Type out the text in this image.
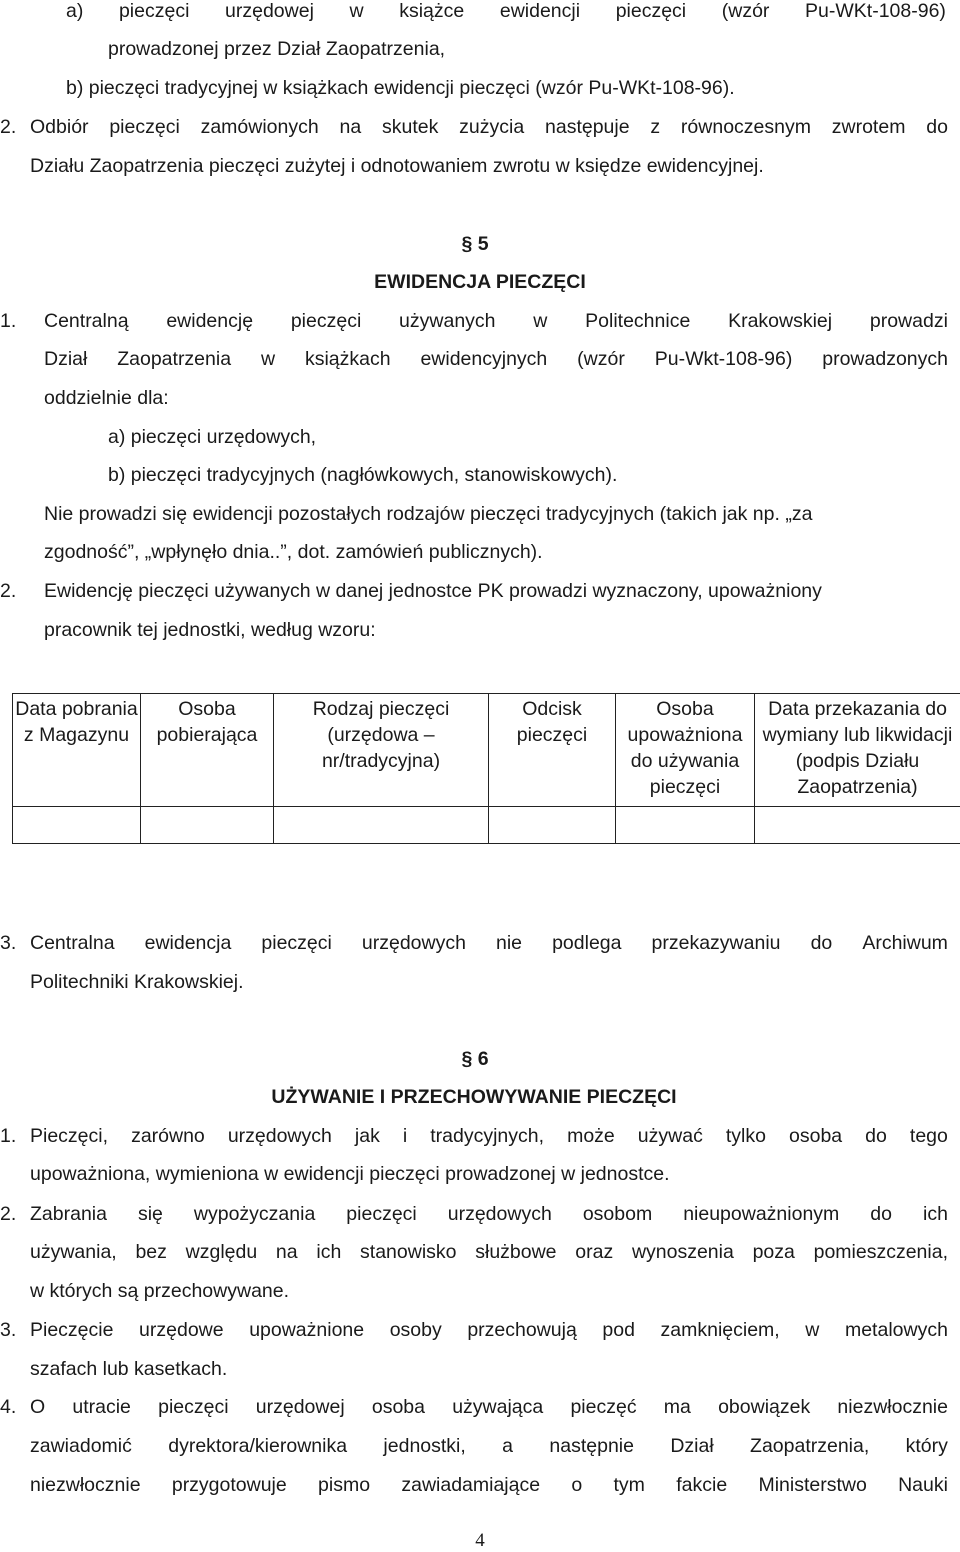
a) pieczęci urzędowej w książce ewidencji pieczęci (wzór Pu-WKt-108-96)
prowadzonej przez Dział Zaopatrzenia,
b) pieczęci tradycyjnej w książkach ewidencji pieczęci (wzór Pu-WKt-108-96).
2. Odbiór pieczęci zamówionych na skutek zużycia następuje z równoczesnym zwrotem do
Działu Zaopatrzenia pieczęci zużytej i odnotowaniem zwrotu w księdze ewidencyjnej.
§ 5
EWIDENCJA PIECZĘCI
1. Centralną ewidencję pieczęci używanych w Politechnice Krakowskiej prowadzi
Dział Zaopatrzenia w książkach ewidencyjnych (wzór Pu-Wkt-108-96) prowadzonych
oddzielnie dla:
a) pieczęci urzędowych,
b) pieczęci tradycyjnych (nagłówkowych, stanowiskowych).
Nie prowadzi się ewidencji pozostałych rodzajów pieczęci tradycyjnych (takich jak np. „za
zgodność”, „wpłynęło dnia..”, dot. zamówień publicznych).
2. Ewidencję pieczęci używanych w danej jednostce PK prowadzi wyznaczony, upoważniony
pracownik tej jednostki, według wzoru:
Data pobrania z Magazynu	Osoba pobierająca	Rodzaj pieczęci (urzędowa – nr/tradycyjna)	Odcisk pieczęci	Osoba upoważniona do używania pieczęci	Data przekazania do wymiany lub likwidacji (podpis Działu Zaopatrzenia)

3. Centralna ewidencja pieczęci urzędowych nie podlega przekazywaniu do Archiwum
Politechniki Krakowskiej.
§ 6
UŻYWANIE I PRZECHOWYWANIE PIECZĘCI
1. Pieczęci, zarówno urzędowych jak i tradycyjnych, może używać tylko osoba do tego
upoważniona, wymieniona w ewidencji pieczęci prowadzonej w jednostce.
2. Zabrania się wypożyczania pieczęci urzędowych osobom nieupoważnionym do ich
używania, bez względu na ich stanowisko służbowe oraz wynoszenia poza pomieszczenia,
w których są przechowywane.
3. Pieczęcie urzędowe upoważnione osoby przechowują pod zamknięciem, w metalowych
szafach lub kasetkach.
4. O utracie pieczęci urzędowej osoba używająca pieczęć ma obowiązek niezwłocznie
zawiadomić dyrektora/kierownika jednostki, a następnie Dział Zaopatrzenia, który
niezwłocznie przygotowuje pismo zawiadamiające o tym fakcie Ministerstwo Nauki
4
